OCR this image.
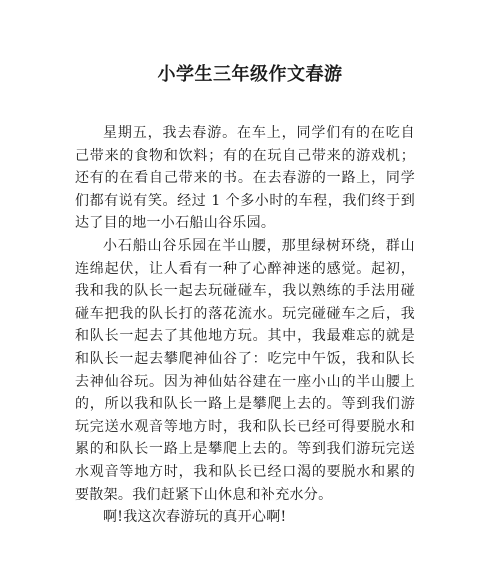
小学生三年级作文春游

星期五，我去春游。在车上，同学们有的在吃自己带来的食物和饮料；有的在玩自己带来的游戏机；还有的在看自己带来的书。在去春游的一路上，同学们都有说有笑。经过 1 个多小时的车程，我们终于到达了目的地一小石船山谷乐园。

小石船山谷乐园在半山腰，那里绿树环绕，群山连绵起伏，让人看有一种了心醉神迷的感觉。起初，我和我的队长一起去玩碰碰车，我以熟练的手法用碰碰车把我的队长打的落花流水。玩完碰碰车之后，我和队长一起去了其他地方玩。其中，我最难忘的就是和队长一起去攀爬神仙谷了：吃完中午饭，我和队长去神仙谷玩。因为神仙姑谷建在一座小山的半山腰上的，所以我和队长一路上是攀爬上去的。等到我们游玩完送水观音等地方时，我和队长已经可得要脱水和累的和队长一路上是攀爬上去的。等到我们游玩完送水观音等地方时，我和队长已经口渴的要脱水和累的要散架。我们赶紧下山休息和补充水分。

啊!我这次春游玩的真开心啊!
